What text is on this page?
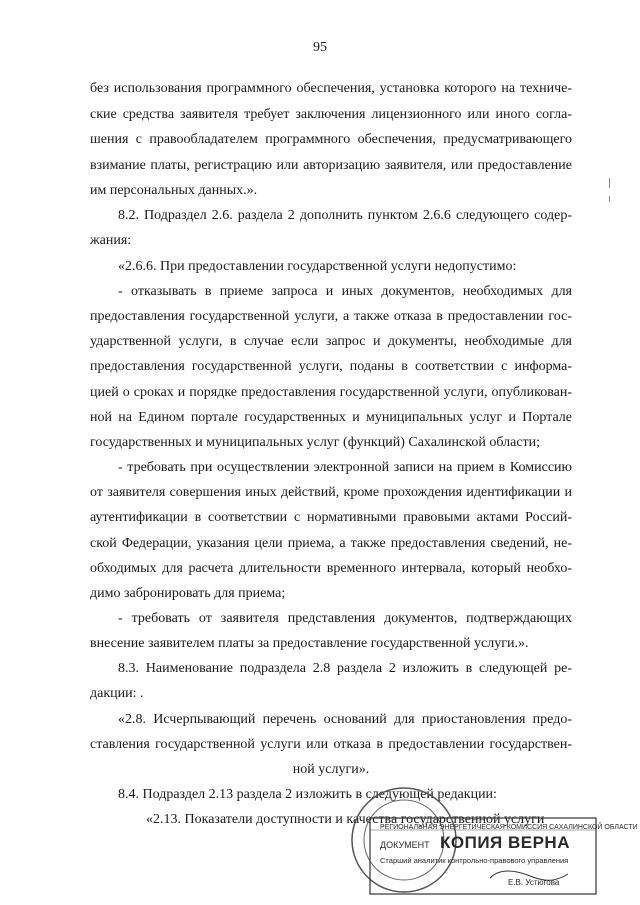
95
без использования программного обеспечения, установка которого на техниче-
ские средства заявителя требует заключения лицензионного или иного согла-
шения с правообладателем программного обеспечения, предусматривающего
взимание платы, регистрацию или авторизацию заявителя, или предоставление
им персональных данных.».
8.2. Подраздел 2.6. раздела 2 дополнить пунктом 2.6.6 следующего содер-
жания:
«2.6.6. При предоставлении государственной услуги недопустимо:
- отказывать в приеме запроса и иных документов, необходимых для
предоставления государственной услуги, а также отказа в предоставлении гос-
ударственной услуги, в случае если запрос и документы, необходимые для
предоставления государственной услуги, поданы в соответствии с информа-
цией о сроках и порядке предоставления государственной услуги, опубликован-
ной на Едином портале государственных и муниципальных услуг и Портале
государственных и муниципальных услуг (функций) Сахалинской области;
- требовать при осуществлении электронной записи на прием в Комиссию
от заявителя совершения иных действий, кроме прохождения идентификации и
аутентификации в соответствии с нормативными правовыми актами Россий-
ской Федерации, указания цели приема, а также предоставления сведений, не-
обходимых для расчета длительности временного интервала, который необхо-
димо забронировать для приема;
- требовать от заявителя представления документов, подтверждающих
внесение заявителем платы за предоставление государственной услуги.».
8.3. Наименование подраздела 2.8 раздела 2 изложить в следующей ре-
дакции: .
«2.8. Исчерпывающий перечень оснований для приостановления предо-
ставления государственной услуги или отказа в предоставлении государствен-
ной услуги».
8.4. Подраздел 2.13 раздела 2 изложить в следующей редакции:
«2.13. Показатели доступности и качества государственной услуги
РЕГИОНАЛЬНАЯ ЭНЕРГЕТИЧЕСКАЯ КОМИССИЯ САХАЛИНСКОЙ ОБЛАСТИ
ДОКУМЕНТ КОПИЯ ВЕРНА
Старший аналитик контрольно-правового управления
Е.В. Устюгова
